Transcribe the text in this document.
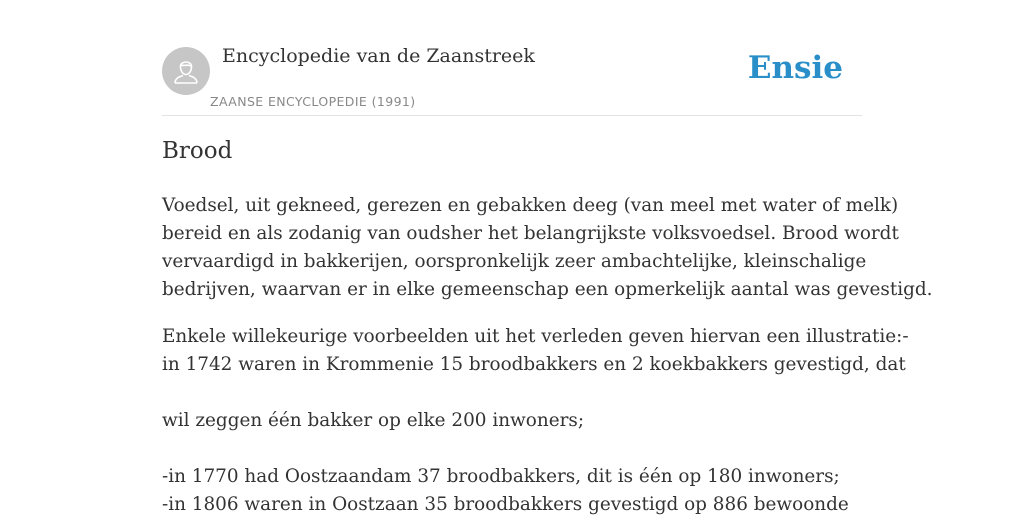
Encyclopedie van de Zaanstreek
ZAANSE ENCYCLOPEDIE (1991)
Ensie
Brood

Voedsel, uit gekneed, gerezen en gebakken deeg (van meel met water of melk)
bereid en als zodanig van oudsher het belangrijkste volksvoedsel. Brood wordt
vervaardigd in bakkerijen, oorspronkelijk zeer ambachtelijke, kleinschalige
bedrijven, waarvan er in elke gemeenschap een opmerkelijk aantal was gevestigd.

Enkele willekeurige voorbeelden uit het verleden geven hiervan een illustratie:-
in 1742 waren in Krommenie 15 broodbakkers en 2 koekbakkers gevestigd, dat
wil zeggen één bakker op elke 200 inwoners;
-in 1770 had Oostzaandam 37 broodbakkers, dit is één op 180 inwoners;
-in 1806 waren in Oostzaan 35 broodbakkers gevestigd op 886 bewoonde
